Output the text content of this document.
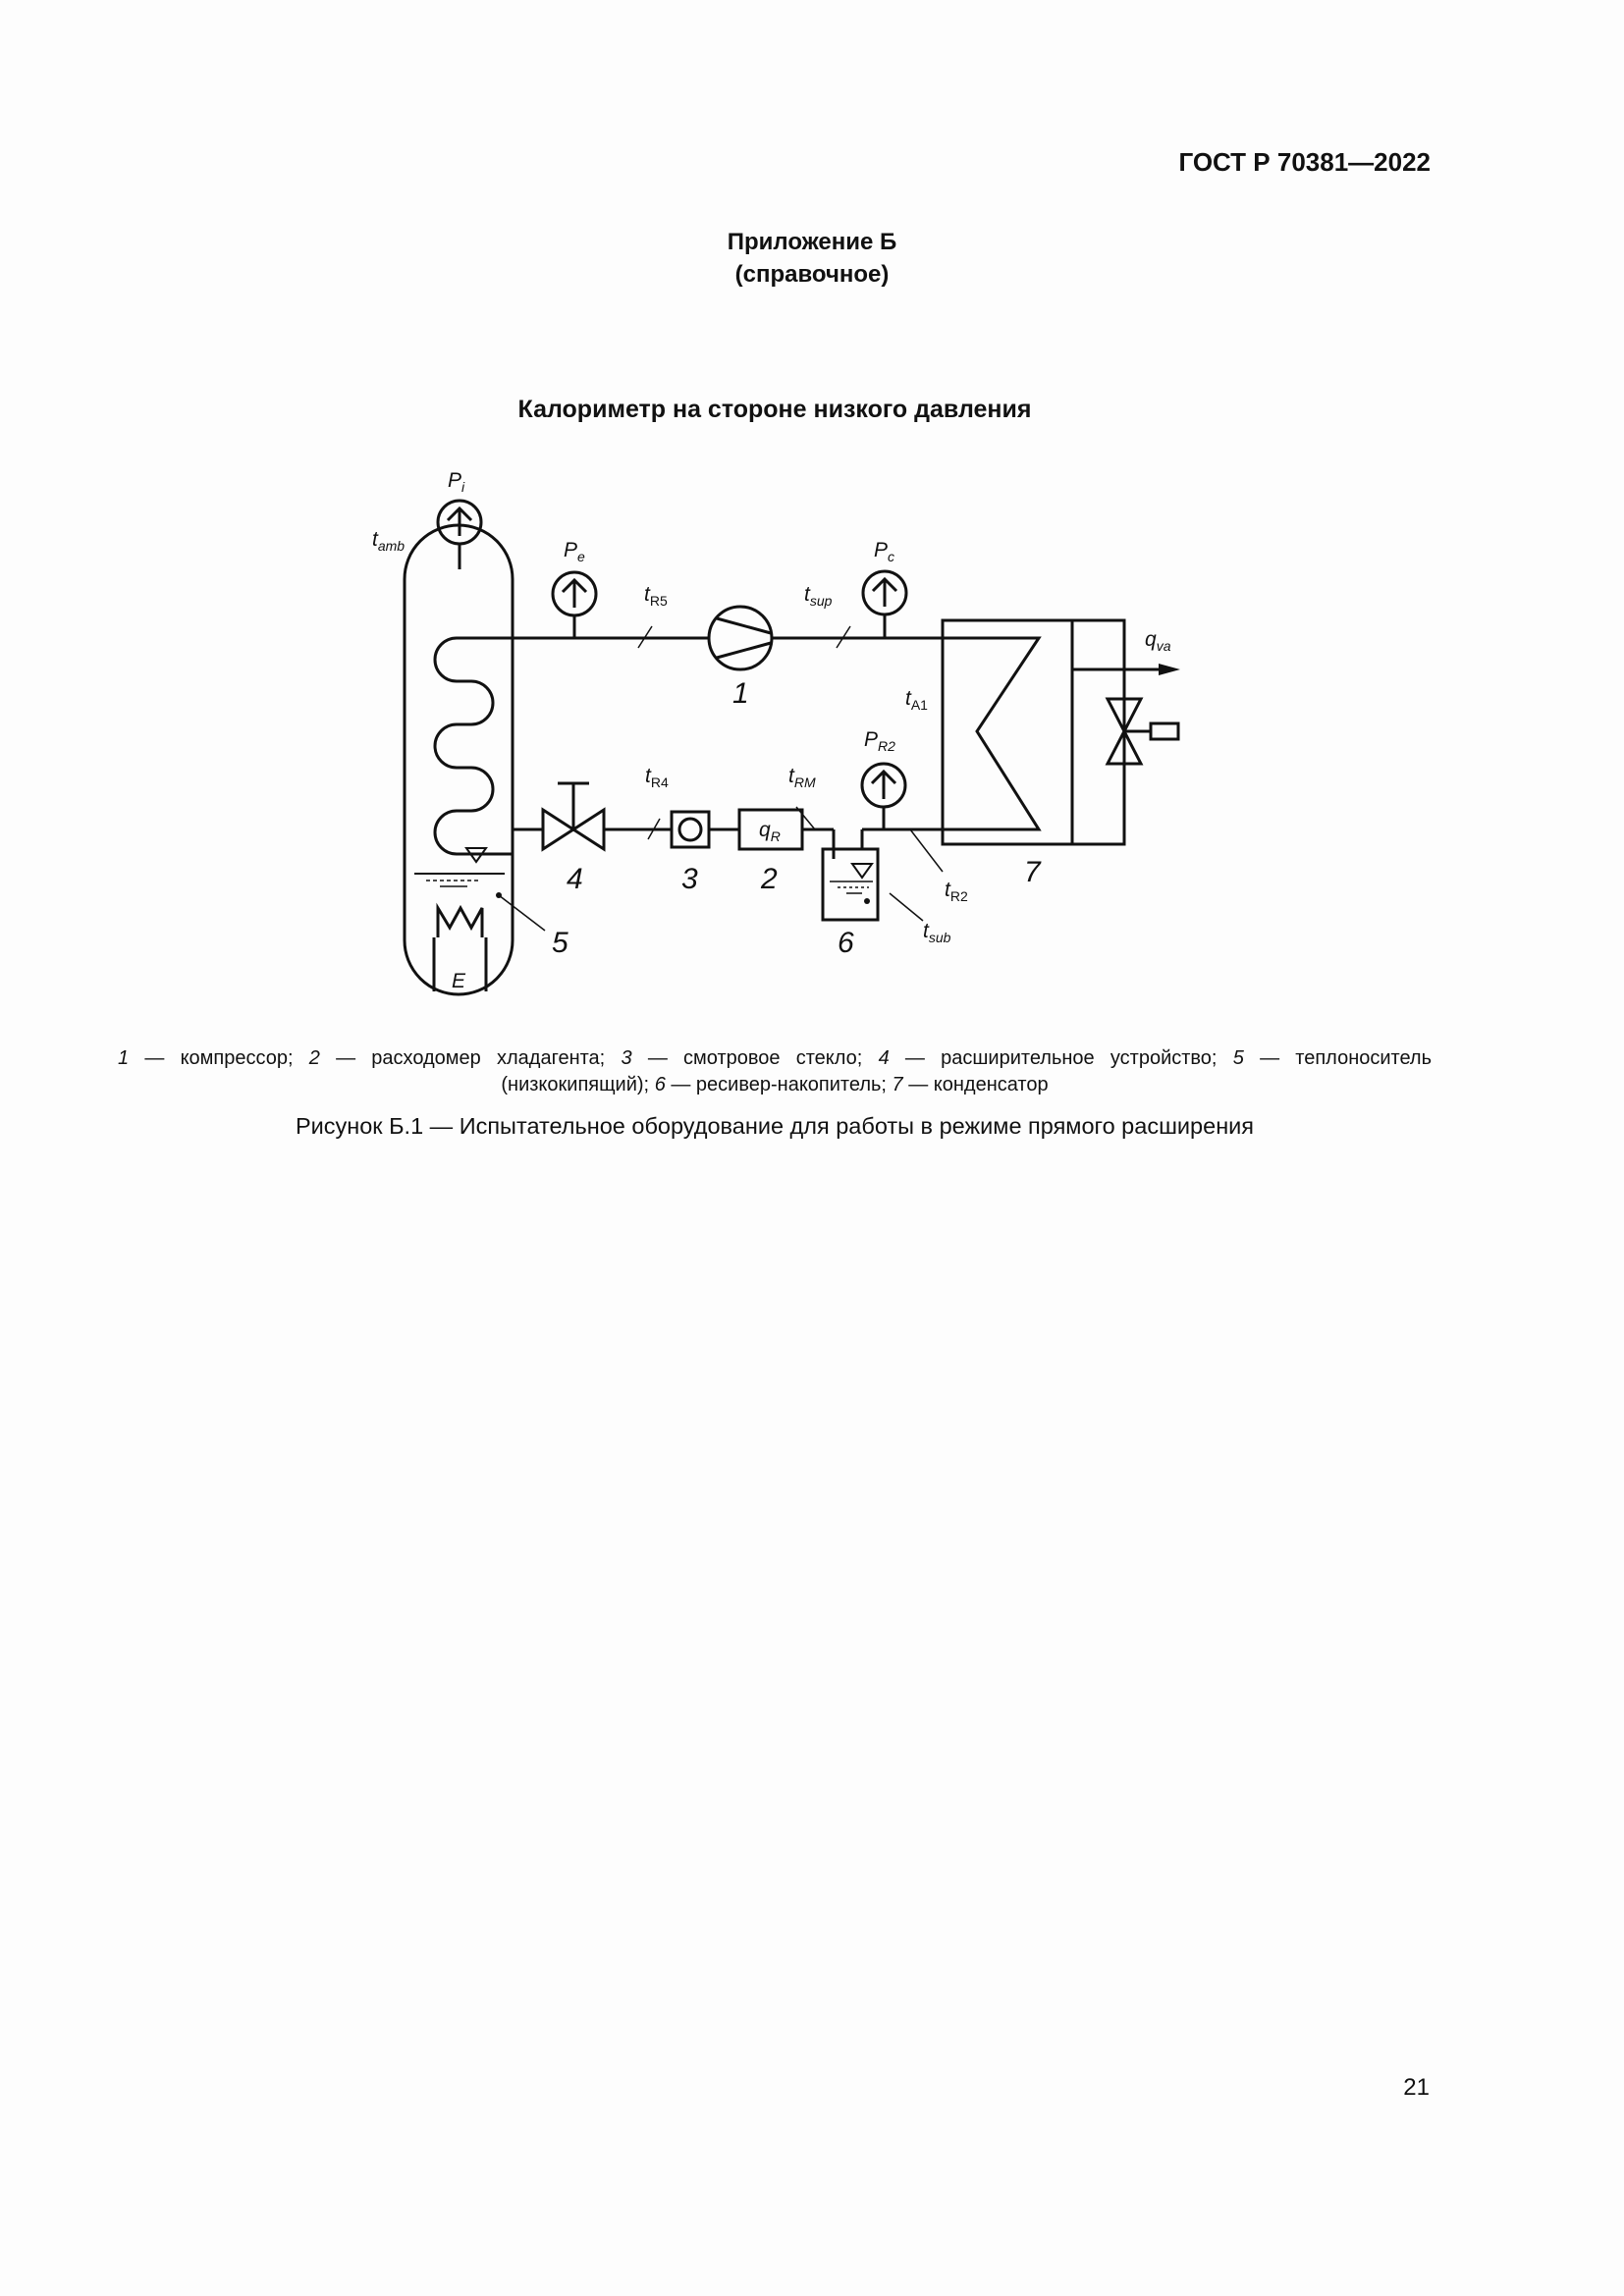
ГОСТ Р 70381—2022
Приложение Б
(справочное)
Калориметр на стороне низкого давления
$P_i$
$t_{amb}$	$P_e$	$P_c$
$t_{R5}$	$t_{sup}$
$q_{va}$
$t_{A1}$
$P_{R2}$
$t_{R4}$	$t_{RM}$
$q_R$
$t_{R2}$
$t_{sub}$
E
1
2
3
4
5	6
7
1 — компрессор; 2 — расходомер хладагента; 3 — смотровое стекло; 4 — расширительное устройство; 5 — теплоноситель
(низкокипящий); 6 — ресивер-накопитель; 7 — конденсатор
Рисунок Б.1 — Испытательное оборудование для работы в режиме прямого расширения
21
